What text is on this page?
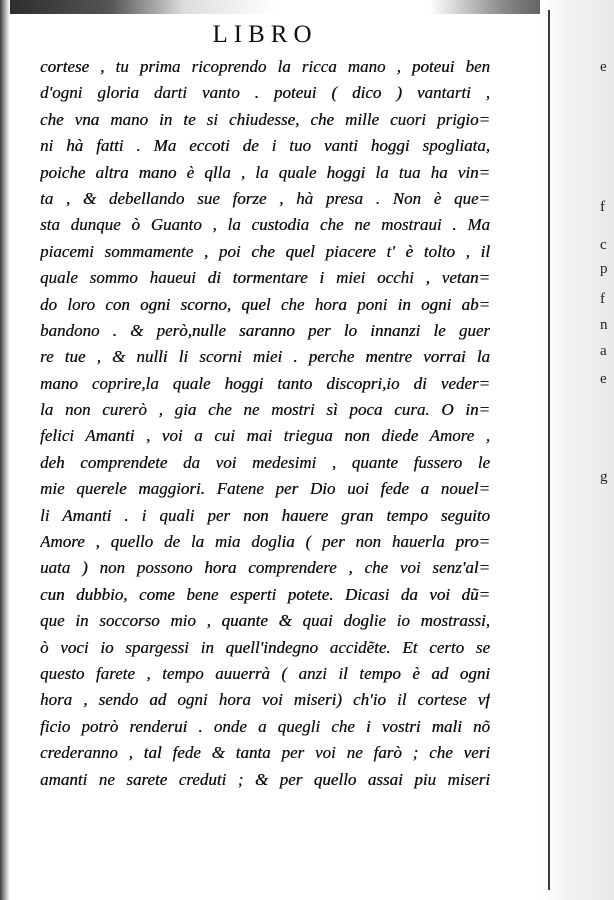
e
f
c
p
f
n
a
e
g
LIBRO
cortese , tu prima ricoprendo la ricca mano , poteui ben
d'ogni gloria darti vanto . poteui ( dico ) vantarti ,
che vna mano in te si chiudesse, che mille cuori prigio=
ni hà fatti . Ma eccoti de i tuo vanti hoggi spogliata,
poiche altra mano è qlla , la quale hoggi la tua ha vin=
ta , & debellando sue forze , hà presa . Non è que=
sta dunque ò Guanto , la custodia che ne mostraui . Ma
piacemi sommamente , poi che quel piacere t' è tolto , il
quale sommo haueui di tormentare i miei occhi , vetan=
do loro con ogni scorno, quel che hora poni in ogni ab=
bandono . & però,nulle saranno per lo innanzi le guer
re tue , & nulli li scorni miei . perche mentre vorrai la
mano coprire,la quale hoggi tanto discopri,io di veder=
la non curerò , gia che ne mostri sì poca cura. O in=
felici Amanti , voi a cui mai triegua non diede Amore ,
deh comprendete da voi medesimi , quante fussero le
mie querele maggiori. Fatene per Dio uoi fede a nouel=
li Amanti . i quali per non hauere gran tempo seguito
Amore , quello de la mia doglia ( per non hauerla pro=
uata ) non possono hora comprendere , che voi senz'al=
cun dubbio, come bene esperti potete. Dicasi da voi dũ=
que in soccorso mio , quante & quai doglie io mostrassi,
ò voci io spargessi in quell'indegno accidẽte. Et certo se
questo farete , tempo auuerrà ( anzi il tempo è ad ogni
hora , sendo ad ogni hora voi miseri) ch'io il cortese vf
ficio potrò renderui . onde a quegli che i vostri mali nõ
crederanno , tal fede & tanta per voi ne farò ; che veri
amanti ne sarete creduti ; & per quello assai piu miseri
